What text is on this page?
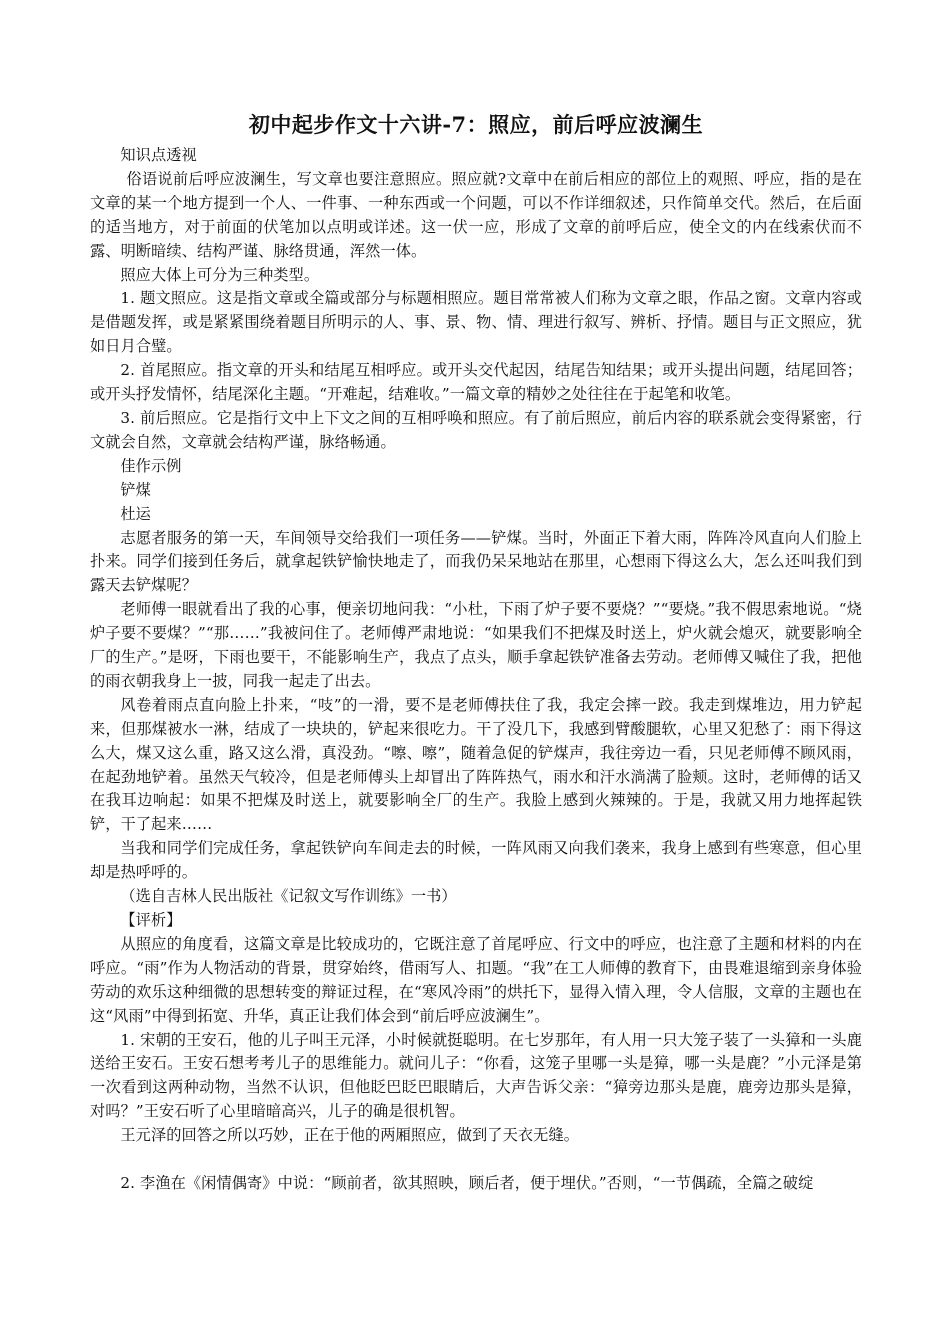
初中起步作文十六讲-7：照应，前后呼应波澜生

知识点透视

俗语说前后呼应波澜生，写文章也要注意照应。照应就?文章中在前后相应的部位上的观照、呼应，指的是在文章的某一个地方提到一个人、一件事、一种东西或一个问题，可以不作详细叙述，只作简单交代。然后，在后面的适当地方，对于前面的伏笔加以点明或详述。这一伏一应，形成了文章的前呼后应，使全文的内在线索伏而不露、明断暗续、结构严谨、脉络贯通，浑然一体。

照应大体上可分为三种类型。

1. 题文照应。这是指文章或全篇或部分与标题相照应。题目常常被人们称为文章之眼，作品之窗。文章内容或是借题发挥，或是紧紧围绕着题目所明示的人、事、景、物、情、理进行叙写、辨析、抒情。题目与正文照应，犹如日月合璧。

2. 首尾照应。指文章的开头和结尾互相呼应。或开头交代起因，结尾告知结果；或开头提出问题，结尾回答；或开头抒发情怀，结尾深化主题。“开难起，结难收。”一篇文章的精妙之处往往在于起笔和收笔。

3. 前后照应。它是指行文中上下文之间的互相呼唤和照应。有了前后照应，前后内容的联系就会变得紧密，行文就会自然，文章就会结构严谨，脉络畅通。

佳作示例

铲煤

杜运

志愿者服务的第一天，车间领导交给我们一项任务——铲煤。当时，外面正下着大雨，阵阵冷风直向人们脸上扑来。同学们接到任务后，就拿起铁铲愉快地走了，而我仍呆呆地站在那里，心想雨下得这么大，怎么还叫我们到露天去铲煤呢？

老师傅一眼就看出了我的心事，便亲切地问我：“小杜，下雨了炉子要不要烧？”“要烧。”我不假思索地说。“烧炉子要不要煤？”“那……”我被问住了。老师傅严肃地说：“如果我们不把煤及时送上，炉火就会熄灭，就要影响全厂的生产。”是呀，下雨也要干，不能影响生产，我点了点头，顺手拿起铁铲准备去劳动。老师傅又喊住了我，把他的雨衣朝我身上一披，同我一起走了出去。

风卷着雨点直向脸上扑来，“吱”的一滑，要不是老师傅扶住了我，我定会摔一跤。我走到煤堆边，用力铲起来，但那煤被水一淋，结成了一块块的，铲起来很吃力。干了没几下，我感到臂酸腿软，心里又犯愁了：雨下得这么大，煤又这么重，路又这么滑，真没劲。“嚓、嚓”，随着急促的铲煤声，我往旁边一看，只见老师傅不顾风雨，在起劲地铲着。虽然天气较冷，但是老师傅头上却冒出了阵阵热气，雨水和汗水淌满了脸颊。这时，老师傅的话又在我耳边响起：如果不把煤及时送上，就要影响全厂的生产。我脸上感到火辣辣的。于是，我就又用力地挥起铁铲，干了起来……

当我和同学们完成任务，拿起铁铲向车间走去的时候，一阵风雨又向我们袭来，我身上感到有些寒意，但心里却是热呼呼的。

（选自吉林人民出版社《记叙文写作训练》一书）

【评析】

从照应的角度看，这篇文章是比较成功的，它既注意了首尾呼应、行文中的呼应，也注意了主题和材料的内在呼应。“雨”作为人物活动的背景，贯穿始终，借雨写人、扣题。“我”在工人师傅的教育下，由畏难退缩到亲身体验劳动的欢乐这种细微的思想转变的辩证过程，在“寒风冷雨”的烘托下，显得入情入理，令人信服，文章的主题也在这“风雨”中得到拓宽、升华，真正让我们体会到“前后呼应波澜生”。

1. 宋朝的王安石，他的儿子叫王元泽，小时候就挺聪明。在七岁那年，有人用一只大笼子装了一头獐和一头鹿送给王安石。王安石想考考儿子的思维能力。就问儿子：“你看，这笼子里哪一头是獐，哪一头是鹿？”小元泽是第一次看到这两种动物，当然不认识，但他眨巴眨巴眼睛后，大声告诉父亲：“獐旁边那头是鹿，鹿旁边那头是獐，对吗？”王安石听了心里暗暗高兴，儿子的确是很机智。

王元泽的回答之所以巧妙，正在于他的两厢照应，做到了天衣无缝。

2. 李渔在《闲情偶寄》中说：“顾前者，欲其照映，顾后者，便于埋伏。”否则，“一节偶疏，全篇之破绽
